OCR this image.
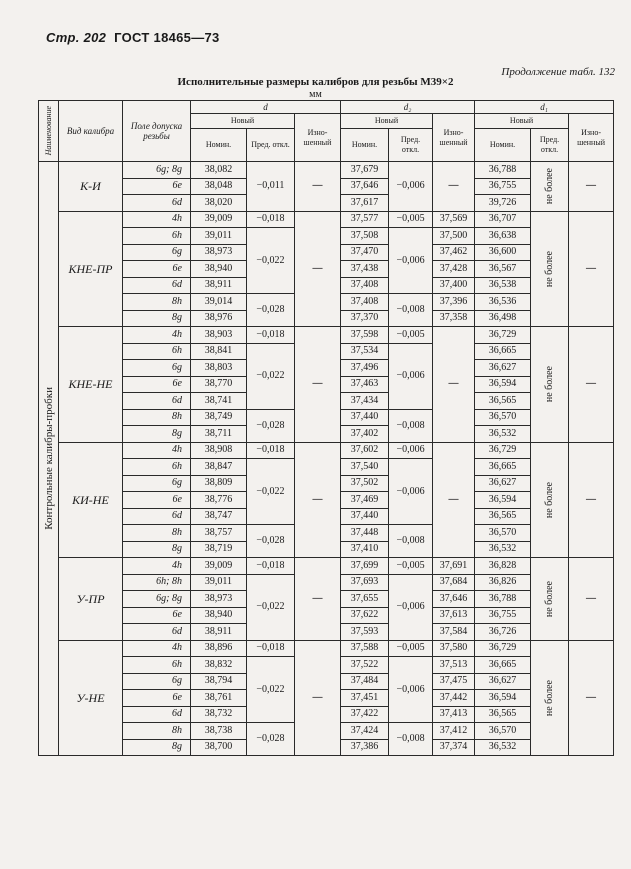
Стр. 202 ГОСТ 18465—73
Продолжение табл. 132
Исполнительные размеры калибров для резьбы М39×2
мм
Наименование	Вид калибра	Поле допуска резьбы	d			d₂			d₁		
			Новый		Изношенный	Новый		Изношенный	Новый		Изношенный
			Номин.	Пред. откл.		Номин.	Пред. откл.		Номин.	Пред. откл.	

Контрольные калибры-пробки	К-И	6g; 8g	38,082	−0,011	—	37,679	−0,006	—	36,788	не более	—
		6e	38,048			37,646			36,755		
		6d	38,020			37,617			39,726		
	КНЕ-ПР	4h	39,009	−0,018	—	37,577	−0,005	37,569	36,707	не более	—
		6h	39,011	−0,022		37,508	−0,006	37,500	36,638		
		6g	38,973			37,470		37,462	36,600		
		6e	38,940			37,438		37,428	36,567		
		6d	38,911			37,408		37,400	36,538		
		8h	39,014	−0,028		37,408	−0,008	37,396	36,536		
		8g	38,976			37,370		37,358	36,498		
	КНЕ-НЕ	4h	38,903	−0,018	—	37,598	−0,005	—	36,729	не более	—
		6h	38,841	−0,022		37,534	−0,006		36,665		
		6g	38,803			37,496			36,627		
		6e	38,770			37,463			36,594		
		6d	38,741			37,434			36,565		
		8h	38,749	−0,028		37,440	−0,008		36,570		
		8g	38,711			37,402			36,532		
	КИ-НЕ	4h	38,908	−0,018	—	37,602	−0,006	—	36,729	не более	—
		6h	38,847	−0,022		37,540	−0,006		36,665		
		6g	38,809			37,502			36,627		
		6e	38,776			37,469			36,594		
		6d	38,747			37,440			36,565		
		8h	38,757	−0,028		37,448	−0,008		36,570		
		8g	38,719			37,410			36,532		
	У-ПР	4h	39,009	−0,018	—	37,699	−0,005	37,691	36,828	не более	—
		6h; 8h	39,011	−0,022		37,693	−0,006	37,684	36,826		
		6g; 8g	38,973			37,655		37,646	36,788		
		6e	38,940			37,622		37,613	36,755		
		6d	38,911			37,593		37,584	36,726		
	У-НЕ	4h	38,896	−0,018	—	37,588	−0,005	37,580	36,729	не более	—
		6h	38,832	−0,022		37,522	−0,006	37,513	36,665		
		6g	38,794			37,484		37,475	36,627		
		6e	38,761			37,451		37,442	36,594		
		6d	38,732			37,422		37,413	36,565		
		8h	38,738	−0,028		37,424	−0,008	37,412	36,570		
		8g	38,700			37,386		37,374	36,532		
